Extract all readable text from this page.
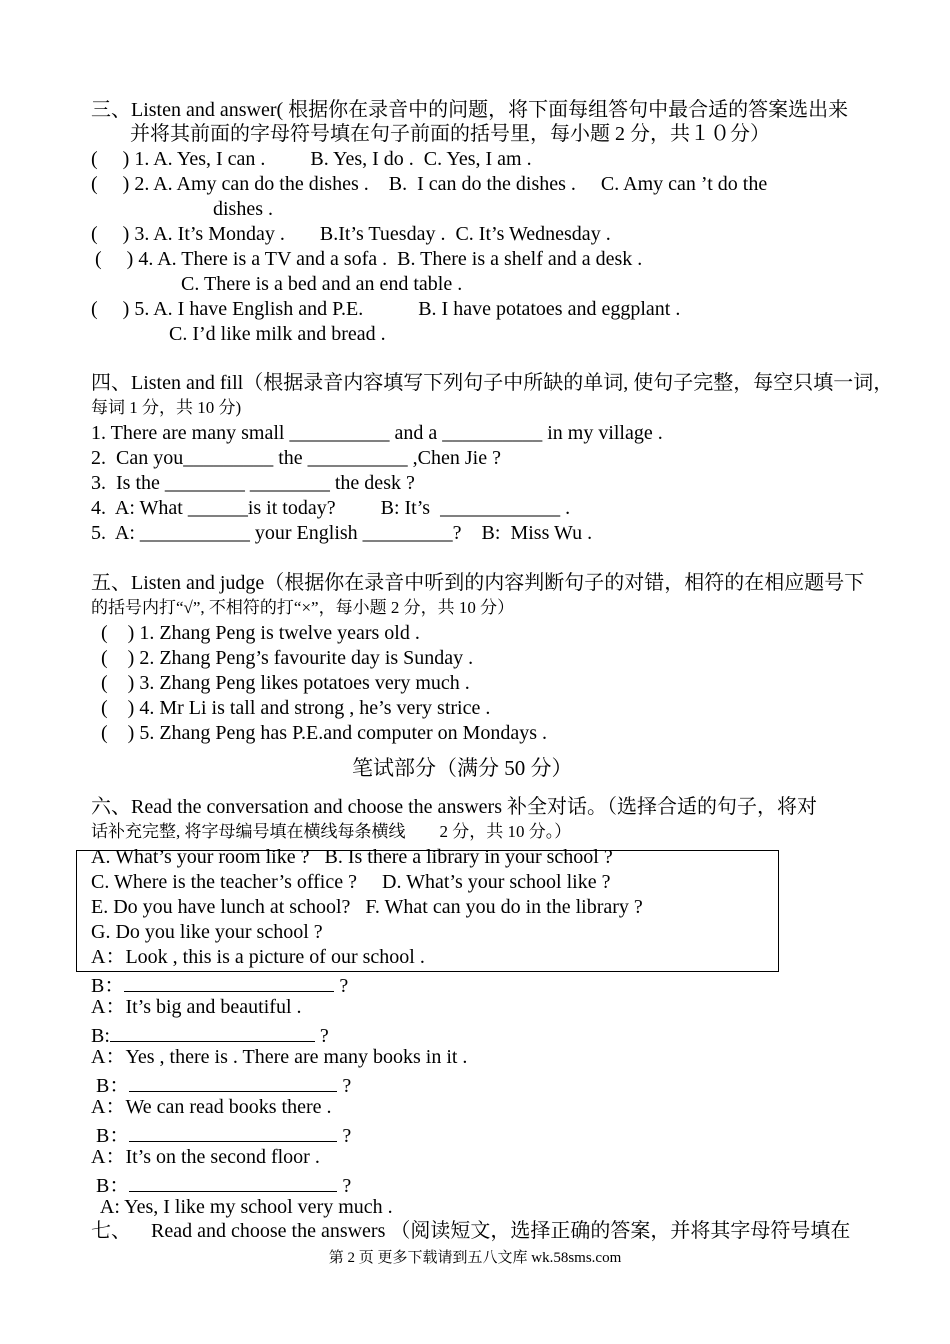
三、Listen and answer( 根据你在录音中的问题，将下面每组答句中最合适的答案选出来
并将其前面的字母符号填在句子前面的括号里，每小题 2 分，共１０分）
(     ) 1. A. Yes, I can .         B. Yes, I do .  C. Yes, I am .
(     ) 2. A. Amy can do the dishes .    B.  I can do the dishes .     C. Amy can ’t do the
dishes .
(     ) 3. A. It’s Monday .       B.It’s Tuesday .  C. It’s Wednesday .
(     ) 4. A. There is a TV and a sofa .  B. There is a shelf and a desk .
C. There is a bed and an end table .
(     ) 5. A. I have English and P.E.           B. I have potatoes and eggplant .
C. I’d like milk and bread .
四、Listen and fill（根据录音内容填写下列句子中所缺的单词, 使句子完整，每空只填一词，
每词 1 分，共 10 分)
1. There are many small __________ and a __________ in my village .
2.  Can you_________ the __________ ,Chen Jie ?
3.  Is the ________ ________ the desk ?
4.  A: What ______is it today?         B: It’s  ____________ .
5.  A: ___________ your English _________?    B:  Miss Wu .
五、Listen and judge（根据你在录音中听到的内容判断句子的对错，相符的在相应题号下
的括号内打“√”, 不相符的打“×”，每小题 2 分，共 10 分）
(    ) 1. Zhang Peng is twelve years old .
(    ) 2. Zhang Peng’s favourite day is Sunday .
(    ) 3. Zhang Peng likes potatoes very much .
(    ) 4. Mr Li is tall and strong , he’s very strice .
(    ) 5. Zhang Peng has P.E.and computer on Mondays .
笔试部分（满分 50 分）
六、Read the conversation and choose the answers 补全对话。（选择合适的句子，将对
话补充完整, 将字母编号填在横线每条横线        2 分，共 10 分。）
A. What’s your room like ?   B. Is there a library in your school ?
C. Where is the teacher’s office ?     D. What’s your school like ?
E. Do you have lunch at school?   F. What can you do in the library ?
G. Do you like your school ?
A：Look , this is a picture of our school .
B：	?
A：It’s big and beautiful .
B:	?
A：Yes , there is . There are many books in it .
B：	?
A：We can read books there .
B：	?
A：It’s on the second floor .
B：	?
A: Yes, I like my school very much .
七、    Read and choose the answers （阅读短文，选择正确的答案，并将其字母符号填在
第 2 页 更多下载请到五八文库 wk.58sms.com
